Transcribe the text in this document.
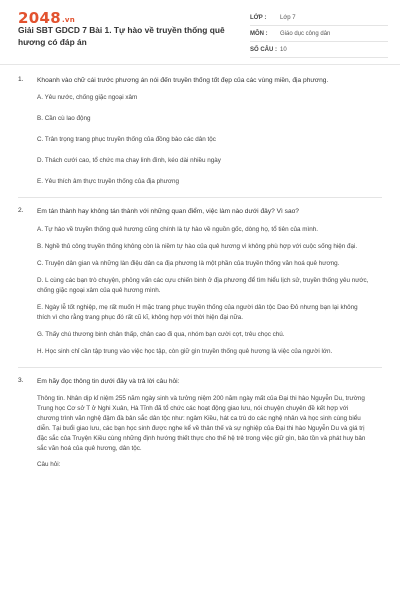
2048.vn
Giải SBT GDCD 7 Bài 1. Tự hào về truyền thống quê hương có đáp án
LỚP :	Lớp 7
MÔN :	Giáo dục công dân
SỐ CÂU : 10
1. Khoanh vào chữ cái trước phương án nói đến truyền thống tốt đẹp của các vùng miền, địa phương.

A. Yêu nước, chống giặc ngoại xâm
B. Cần cù lao động
C. Trân trọng trang phục truyền thống của đồng bào các dân tộc
D. Thách cưới cao, tổ chức ma chay linh đình, kéo dài nhiều ngày
E. Yêu thích âm thực truyền thống của địa phương
2. Em tán thành hay không tán thành với những quan điểm, việc làm nào dưới đây? Vì sao?

A. Tự hào về truyền thống quê hương cũng chính là tự hào về nguồn gốc, dòng họ, tổ tiên của mình.
B. Nghề thủ công truyền thống không còn là niềm tự hào của quê hương vì không phù hợp với cuộc sống hiện đại.
C. Truyện dân gian và những làn điệu dân ca địa phương là một phần của truyền thống văn hoá quê hương.
D. L cùng các bạn trò chuyện, phỏng vấn các cựu chiến binh ở địa phương để tìm hiểu lịch sử, truyền thống yêu nước, chống giặc ngoại xâm của quê hương mình.
E. Ngày lễ tốt nghiệp, mẹ rất muốn H mặc trang phục truyền thống của người dân tộc Dao Đỏ nhưng bạn lại không thích vì cho rằng trang phục đó rất cũ kĩ, không hợp với thời hiện đại nữa.
G. Thấy chú thương binh chân thấp, chân cao đi qua, nhóm bạn cười cợt, trêu chọc chú.
H. Học sinh chỉ cần tập trung vào việc học tập, còn giữ gìn truyền thống quê hương là việc của người lớn.
3. Em hãy đọc thông tin dưới đây và trả lời câu hỏi:

Thông tin. Nhân dịp kỉ niệm 255 năm ngày sinh và tưởng niệm 200 năm ngày mất của Đại thi hào Nguyễn Du, trường Trung học Cơ sở T ở Nghi Xuân, Hà Tĩnh đã tổ chức các hoạt động giao lưu, nói chuyện chuyên đề kết hợp với chương trình văn nghệ đậm đà bản sắc dân tộc như: ngâm Kiều, hát ca trù do các nghệ nhân và học sinh cùng biểu diễn. Tại buổi giao lưu, các bạn học sinh được nghe kể về thân thế và sự nghiệp của Đại thi hào Nguyễn Du và giá trị đặc sắc của Truyện Kiều cùng những định hướng thiết thực cho thế hệ trẻ trong việc giữ gìn, bảo tồn và phát huy bản sắc văn hoá của quê hương, dân tộc.
Câu hỏi:
